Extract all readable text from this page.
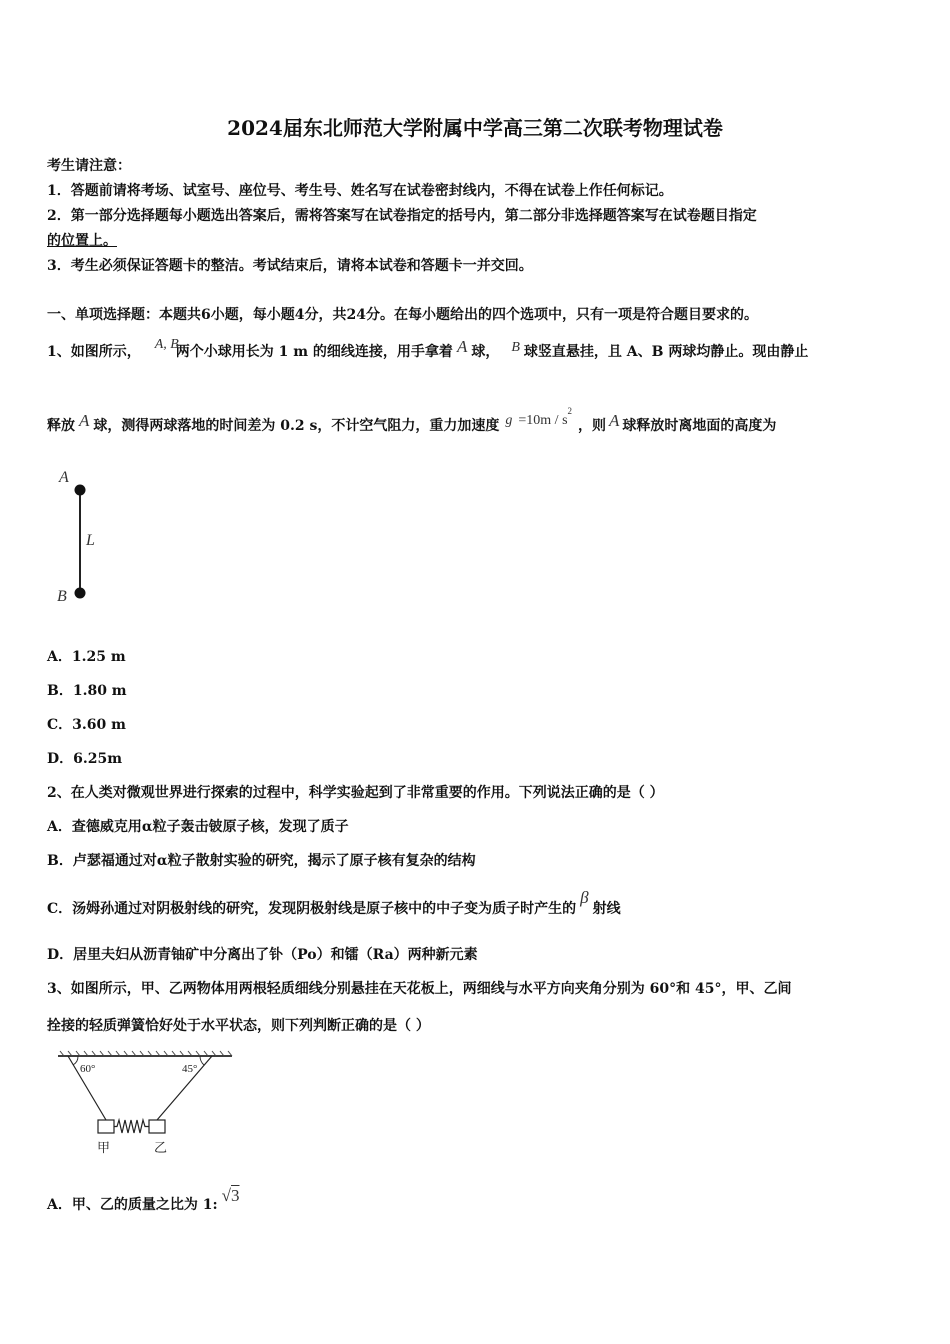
2024届东北师范大学附属中学高三第二次联考物理试卷
考生请注意：
1．答题前请将考场、试室号、座位号、考生号、姓名写在试卷密封线内，不得在试卷上作任何标记。
2．第一部分选择题每小题选出答案后，需将答案写在试卷指定的括号内，第二部分非选择题答案写在试卷题目指定
的位置上。
3．考生必须保证答题卡的整洁。考试结束后，请将本试卷和答题卡一并交回。
一、单项选择题：本题共6小题，每小题4分，共24分。在每小题给出的四个选项中，只有一项是符合题目要求的。
1、如图所示， A, B两个小球用长为 1 m 的细线连接，用手拿着 A 球， B 球竖直悬挂，且 A、B 两球均静止。现由静止
释放 A 球，测得两球落地的时间差为 0.2 s，不计空气阻力，重力加速度 $g =10m / s^2$，则 A 球释放时离地面的高度为
A
L
B
A．1.25 m
B．1.80 m
C．3.60 m
D．6.25m
2、在人类对微观世界进行探索的过程中，科学实验起到了非常重要的作用。下列说法正确的是（ ）
A．查德威克用α粒子轰击铍原子核，发现了质子
B．卢瑟福通过对α粒子散射实验的研究，揭示了原子核有复杂的结构
C．汤姆孙通过对阴极射线的研究，发现阴极射线是原子核中的中子变为质子时产生的β射线
D．居里夫妇从沥青铀矿中分离出了钋（Po）和镭（Ra）两种新元素
3、如图所示，甲、乙两物体用两根轻质细线分别悬挂在天花板上，两细线与水平方向夹角分别为 60°和 45°，甲、乙间
拴接的轻质弹簧恰好处于水平状态，则下列判断正确的是（ ）
60°	45°
甲	乙
A．甲、乙的质量之比为 1: √3
